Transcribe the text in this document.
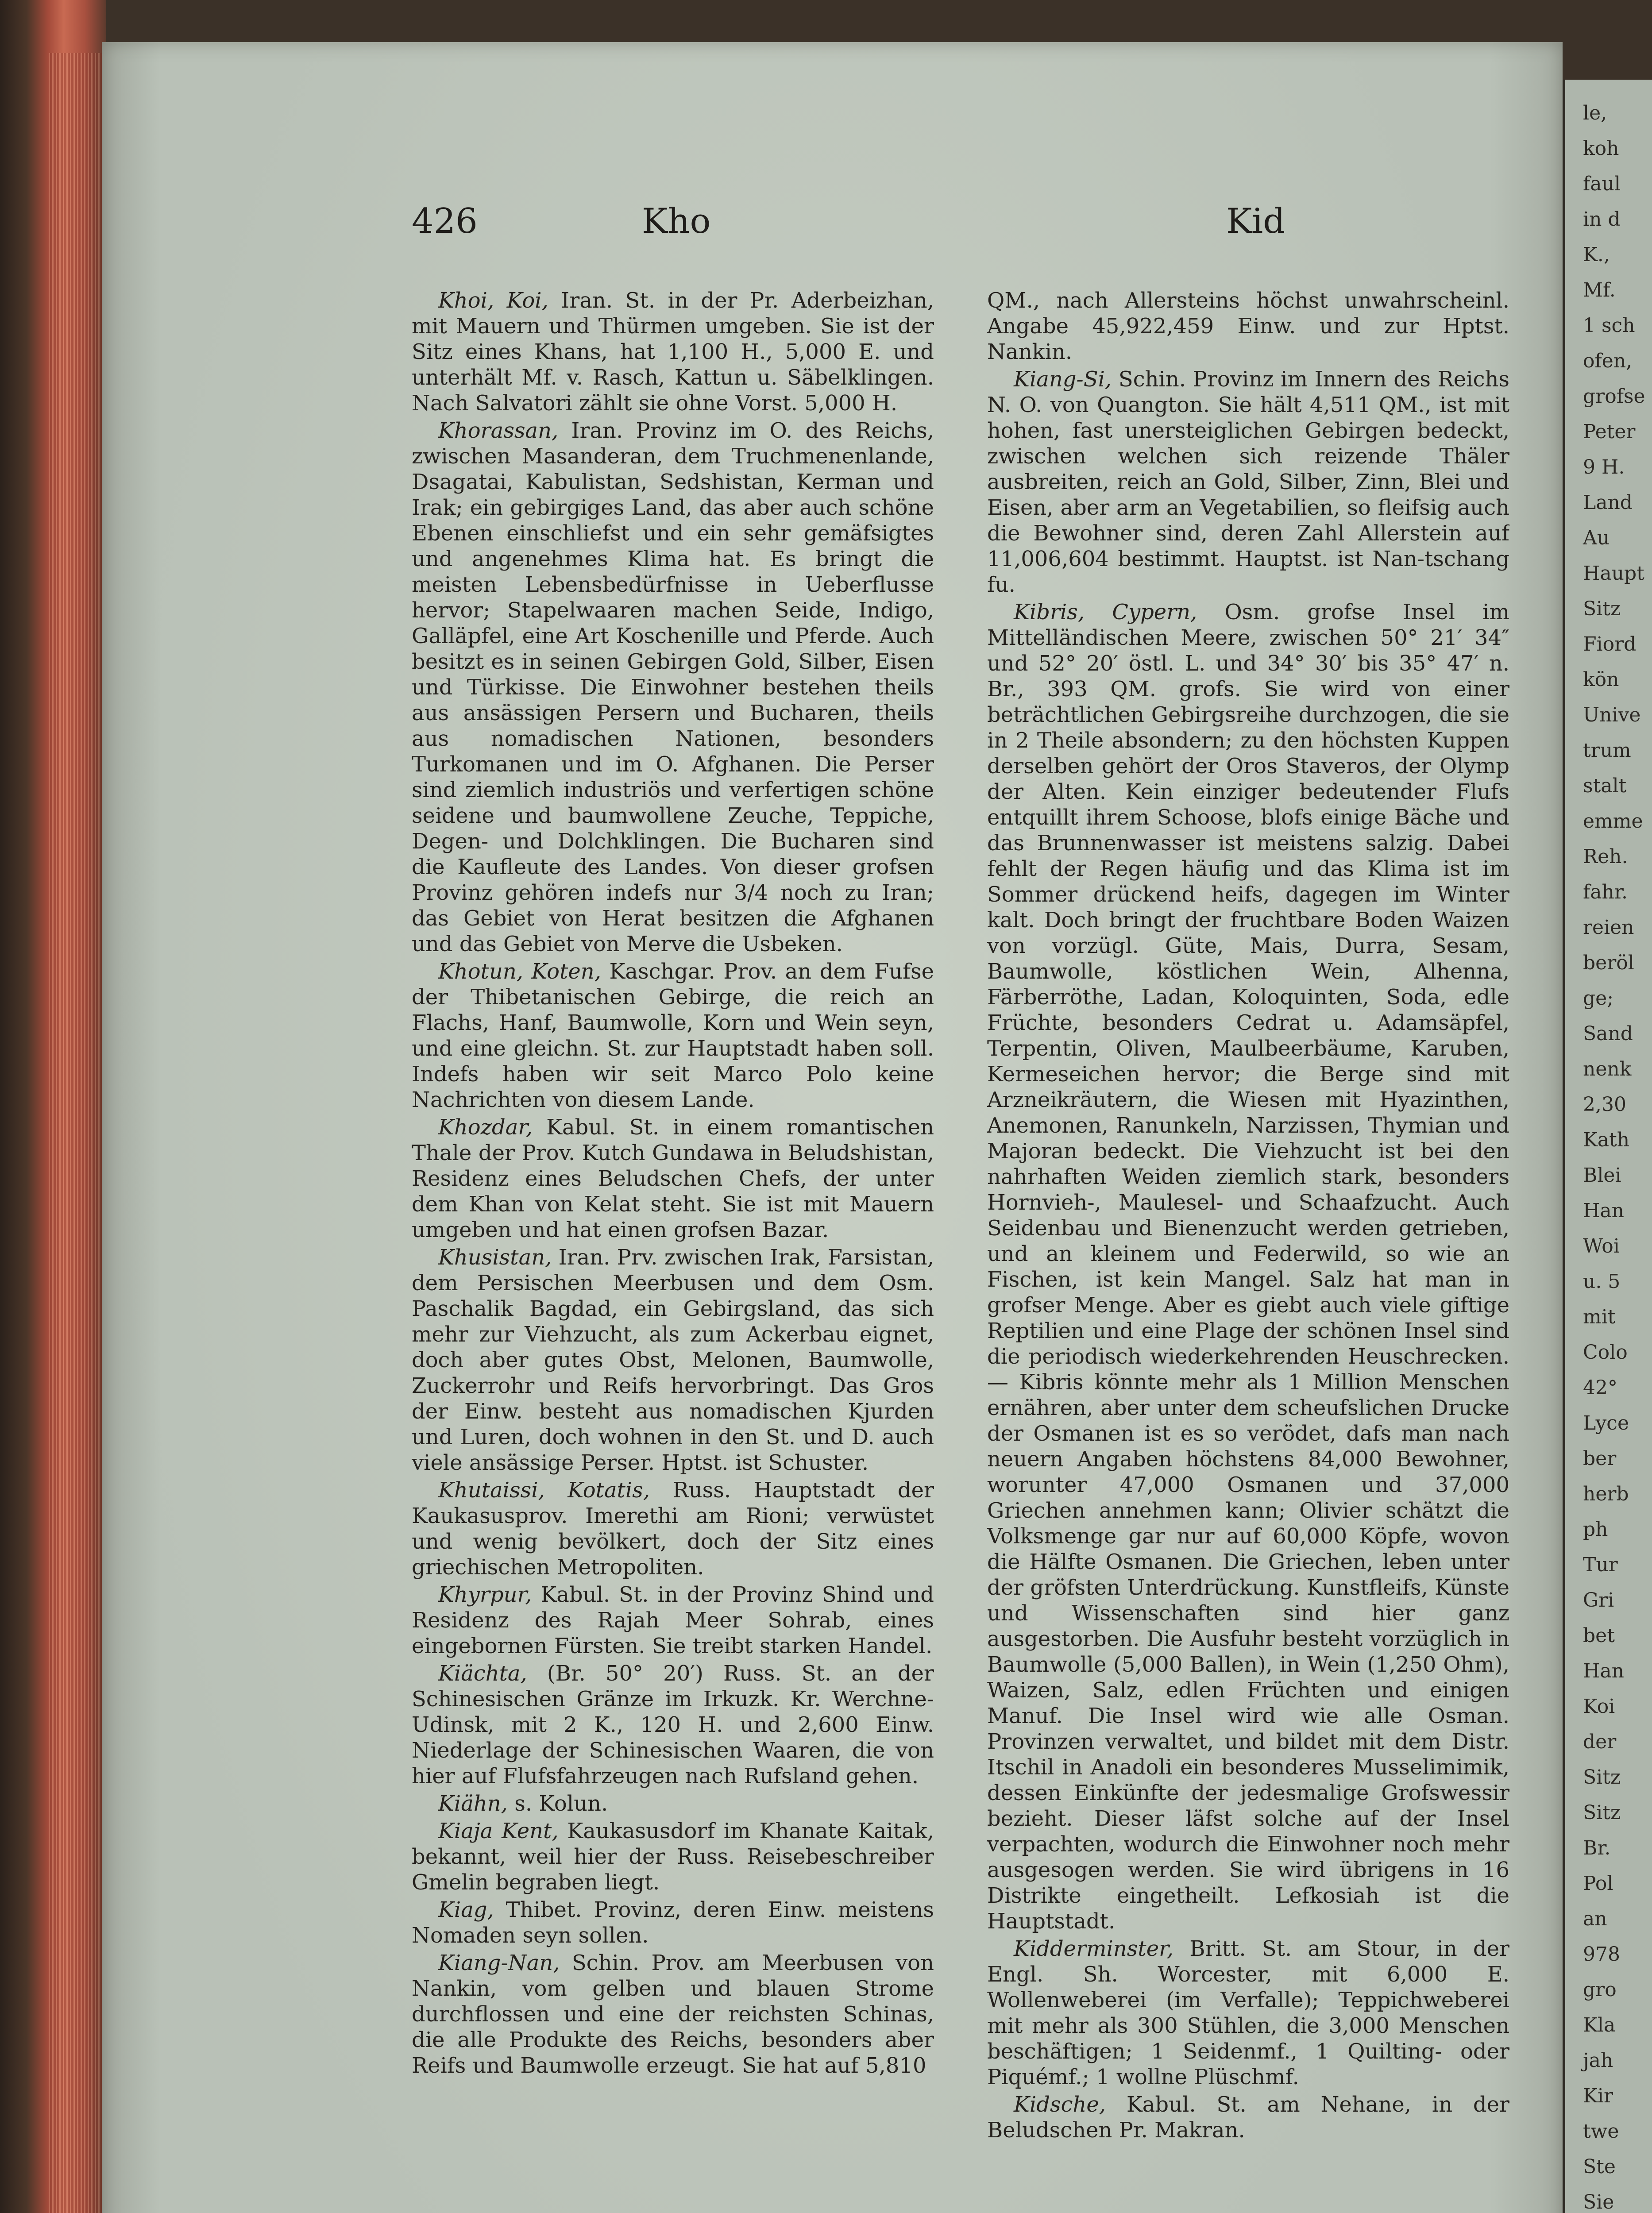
426	Kho	Kid

Khoi, Koi, Iran. St. in der Pr. Aderbeizhan, mit Mauern und Thürmen umgeben. Sie ist der Sitz eines Khans, hat 1,100 H., 5,000 E. und unterhält Mf. v. Rasch, Kattun u. Säbelklingen. Nach Salvatori zählt sie ohne Vorst. 5,000 H.

Khorassan, Iran. Provinz im O. des Reichs, zwischen Masanderan, dem Truchmenenlande, Dsagatai, Kabulistan, Sedshistan, Kerman und Irak; ein gebirgiges Land, das aber auch schöne Ebenen einschliefst und ein sehr gemäfsigtes und angenehmes Klima hat. Es bringt die meisten Lebensbedürfnisse in Ueberflusse hervor; Stapelwaaren machen Seide, Indigo, Galläpfel, eine Art Koschenille und Pferde. Auch besitzt es in seinen Gebirgen Gold, Silber, Eisen und Türkisse. Die Einwohner bestehen theils aus ansässigen Persern und Bucharen, theils aus nomadischen Nationen, besonders Turkomanen und im O. Afghanen. Die Perser sind ziemlich industriös und verfertigen schöne seidene und baumwollene Zeuche, Teppiche, Degen- und Dolchklingen. Die Bucharen sind die Kaufleute des Landes. Von dieser grofsen Provinz gehören indefs nur 3/4 noch zu Iran; das Gebiet von Herat besitzen die Afghanen und das Gebiet von Merve die Usbeken.

Khotun, Koten, Kaschgar. Prov. an dem Fufse der Thibetanischen Gebirge, die reich an Flachs, Hanf, Baumwolle, Korn und Wein seyn, und eine gleichn. St. zur Hauptstadt haben soll. Indefs haben wir seit Marco Polo keine Nachrichten von diesem Lande.

Khozdar, Kabul. St. in einem romantischen Thale der Prov. Kutch Gundawa in Beludshistan, Residenz eines Beludschen Chefs, der unter dem Khan von Kelat steht. Sie ist mit Mauern umgeben und hat einen grofsen Bazar.

Khusistan, Iran. Prv. zwischen Irak, Farsistan, dem Persischen Meerbusen und dem Osm. Paschalik Bagdad, ein Gebirgsland, das sich mehr zur Viehzucht, als zum Ackerbau eignet, doch aber gutes Obst, Melonen, Baumwolle, Zuckerrohr und Reifs hervorbringt. Das Gros der Einw. besteht aus nomadischen Kjurden und Luren, doch wohnen in den St. und D. auch viele ansässige Perser. Hptst. ist Schuster.

Khutaissi, Kotatis, Russ. Hauptstadt der Kaukasusprov. Imerethi am Rioni; verwüstet und wenig bevölkert, doch der Sitz eines griechischen Metropoliten.

Khyrpur, Kabul. St. in der Provinz Shind und Residenz des Rajah Meer Sohrab, eines eingebornen Fürsten. Sie treibt starken Handel.

Kiächta, (Br. 50° 20′) Russ. St. an der Schinesischen Gränze im Irkuzk. Kr. Werchne-Udinsk, mit 2 K., 120 H. und 2,600 Einw. Niederlage der Schinesischen Waaren, die von hier auf Flufsfahrzeugen nach Rufsland gehen.

Kiähn, s. Kolun.

Kiaja Kent, Kaukasusdorf im Khanate Kaitak, bekannt, weil hier der Russ. Reisebeschreiber Gmelin begraben liegt.

Kiag, Thibet. Provinz, deren Einw. meistens Nomaden seyn sollen.

Kiang-Nan, Schin. Prov. am Meerbusen von Nankin, vom gelben und blauen Strome durchflossen und eine der reichsten Schinas, die alle Produkte des Reichs, besonders aber Reifs und Baumwolle erzeugt. Sie hat auf 5,810

QM., nach Allersteins höchst unwahrscheinl. Angabe 45,922,459 Einw. und zur Hptst. Nankin.

Kiang-Si, Schin. Provinz im Innern des Reichs N. O. von Quangton. Sie hält 4,511 QM., ist mit hohen, fast unersteiglichen Gebirgen bedeckt, zwischen welchen sich reizende Thäler ausbreiten, reich an Gold, Silber, Zinn, Blei und Eisen, aber arm an Vegetabilien, so fleifsig auch die Bewohner sind, deren Zahl Allerstein auf 11,006,604 bestimmt. Hauptst. ist Nan-tschang fu.

Kibris, Cypern, Osm. grofse Insel im Mittelländischen Meere, zwischen 50° 21′ 34″ und 52° 20′ östl. L. und 34° 30′ bis 35° 47′ n. Br., 393 QM. grofs. Sie wird von einer beträchtlichen Gebirgsreihe durchzogen, die sie in 2 Theile absondern; zu den höchsten Kuppen derselben gehört der Oros Staveros, der Olymp der Alten. Kein einziger bedeutender Flufs entquillt ihrem Schoose, blofs einige Bäche und das Brunnenwasser ist meistens salzig. Dabei fehlt der Regen häufig und das Klima ist im Sommer drückend heifs, dagegen im Winter kalt. Doch bringt der fruchtbare Boden Waizen von vorzügl. Güte, Mais, Durra, Sesam, Baumwolle, köstlichen Wein, Alhenna, Färberröthe, Ladan, Koloquinten, Soda, edle Früchte, besonders Cedrat u. Adamsäpfel, Terpentin, Oliven, Maulbeerbäume, Karuben, Kermeseichen hervor; die Berge sind mit Arzneikräutern, die Wiesen mit Hyazinthen, Anemonen, Ranunkeln, Narzissen, Thymian und Majoran bedeckt. Die Viehzucht ist bei den nahrhaften Weiden ziemlich stark, besonders Hornvieh-, Maulesel- und Schaafzucht. Auch Seidenbau und Bienenzucht werden getrieben, und an kleinem und Federwild, so wie an Fischen, ist kein Mangel. Salz hat man in grofser Menge. Aber es giebt auch viele giftige Reptilien und eine Plage der schönen Insel sind die periodisch wiederkehrenden Heuschrecken. — Kibris könnte mehr als 1 Million Menschen ernähren, aber unter dem scheufslichen Drucke der Osmanen ist es so verödet, dafs man nach neuern Angaben höchstens 84,000 Bewohner, worunter 47,000 Osmanen und 37,000 Griechen annehmen kann; Olivier schätzt die Volksmenge gar nur auf 60,000 Köpfe, wovon die Hälfte Osmanen. Die Griechen, leben unter der gröfsten Unterdrückung. Kunstfleifs, Künste und Wissenschaften sind hier ganz ausgestorben. Die Ausfuhr besteht vorzüglich in Baumwolle (5,000 Ballen), in Wein (1,250 Ohm), Waizen, Salz, edlen Früchten und einigen Manuf. Die Insel wird wie alle Osman. Provinzen verwaltet, und bildet mit dem Distr. Itschil in Anadoli ein besonderes Musselimimik, dessen Einkünfte der jedesmalige Grofswessir bezieht. Dieser läfst solche auf der Insel verpachten, wodurch die Einwohner noch mehr ausgesogen werden. Sie wird übrigens in 16 Distrikte eingetheilt. Lefkosiah ist die Hauptstadt.

Kidderminster, Britt. St. am Stour, in der Engl. Sh. Worcester, mit 6,000 E. Wollenweberei (im Verfalle); Teppichweberei mit mehr als 300 Stühlen, die 3,000 Menschen beschäftigen; 1 Seidenmf., 1 Quilting- oder Piquémf.; 1 wollne Plüschmf.

Kidsche, Kabul. St. am Nehane, in der Beludschen Pr. Makran.

le,
koh
faul
in d
K.,
Mf.
1 sch
ofen,
grofse
Peter
9 H.
Land
Au
Haupt
Sitz
Fiord
kön
Unive
trum
stalt
emme
Reh.
fahr.
reien
beröl
ge;
Sand
nenk
2,30
Kath
Blei
Han
Woi
u. 5
mit
Colo
42°
Lyce
ber
herb
ph
Tur
Gri
bet
Han
Koi
der
Sitz
Sitz
Br.
Pol
an
978
gro
Kla
jah
Kir
twe
Ste
Sie
